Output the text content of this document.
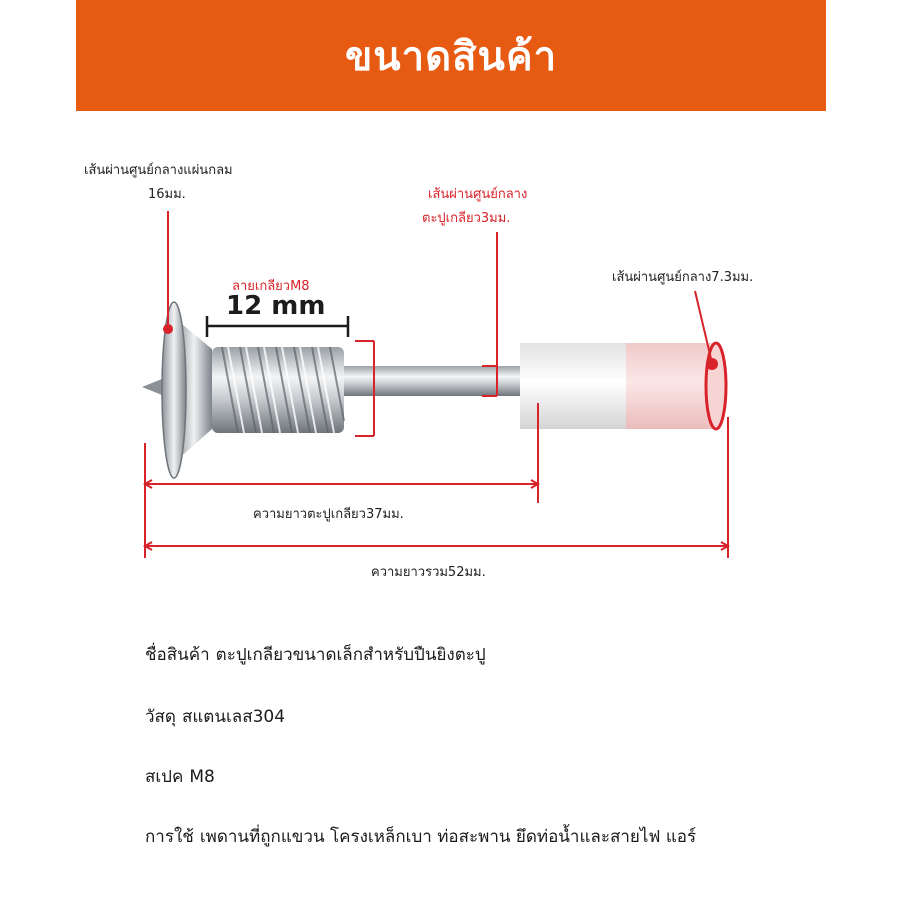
ขนาดสินค้า
เส้นผ่านศูนย์กลางแผ่นกลม
16มม.	เส้นผ่านศูนย์กลาง
ตะปูเกลียว3มม.
เส้นผ่านศูนย์กลาง7.3มม.
ลายเกลียวM8
12 mm
ความยาวตะปูเกลียว37มม.
ความยาวรวม52มม.
ชื่อสินค้า ตะปูเกลียวขนาดเล็กสำหรับปืนยิงตะปู
วัสดุ สแตนเลส304
สเปค M8
การใช้ เพดานที่ถูกแขวน โครงเหล็กเบา ท่อสะพาน ยึดท่อน้ำและสายไฟ แอร์
